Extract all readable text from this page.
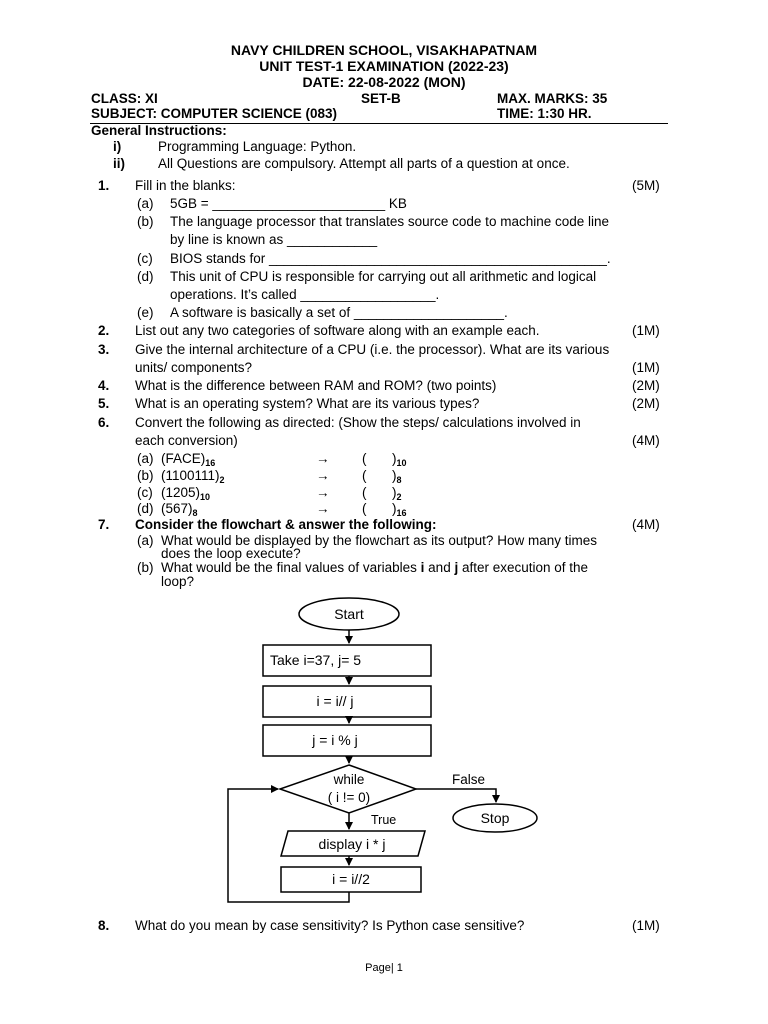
NAVY CHILDREN SCHOOL, VISAKHAPATNAM
UNIT TEST-1 EXAMINATION (2022-23)
DATE: 22-08-2022 (MON)
CLASS: XI	SET-B	MAX. MARKS: 35
SUBJECT: COMPUTER SCIENCE (083)	TIME: 1:30 HR.
General Instructions:
i)	Programming Language: Python.
ii) All Questions are compulsory. Attempt all parts of a question at once.
1. Fill in the blanks:	(5M)
(a) 5GB = _______________________ KB
(b) The language processor that translates source code to machine code line
by line is known as ____________
(c) BIOS stands for _____________________________________________.
(d) This unit of CPU is responsible for carrying out all arithmetic and logical
operations. It’s called __________________.
(e) A software is basically a set of ____________________.
2. List out any two categories of software along with an example each.	(1M)
3. Give the internal architecture of a CPU (i.e. the processor). What are its various
units/ components?	(1M)
4. What is the difference between RAM and ROM? (two points)	(2M)
5. What is an operating system? What are its various types?	(2M)
6. Convert the following as directed: (Show the steps/ calculations involved in
each conversion)	(4M)
(a) $(FACE)_{16}$	→ ( )$_{10}$
(b) $(1100111)_2$	→ ( )$_8$
(c) $(1205)_{10}$	→ ( )$_2$
(d) $(567)_8$	→ ( )$_{16}$
7. Consider the flowchart & answer the following:	(4M)
(a) What would be displayed by the flowchart as its output? How many times
does the loop execute?
(b) What would be the final values of variables i and j after execution of the
loop?
Start
Take i=37, j= 5
i = i// j
j = i % j
while
( i != 0)
False
Stop
True
display i * j
i = i//2
8. What do you mean by case sensitivity? Is Python case sensitive?	(1M)
Page| 1
